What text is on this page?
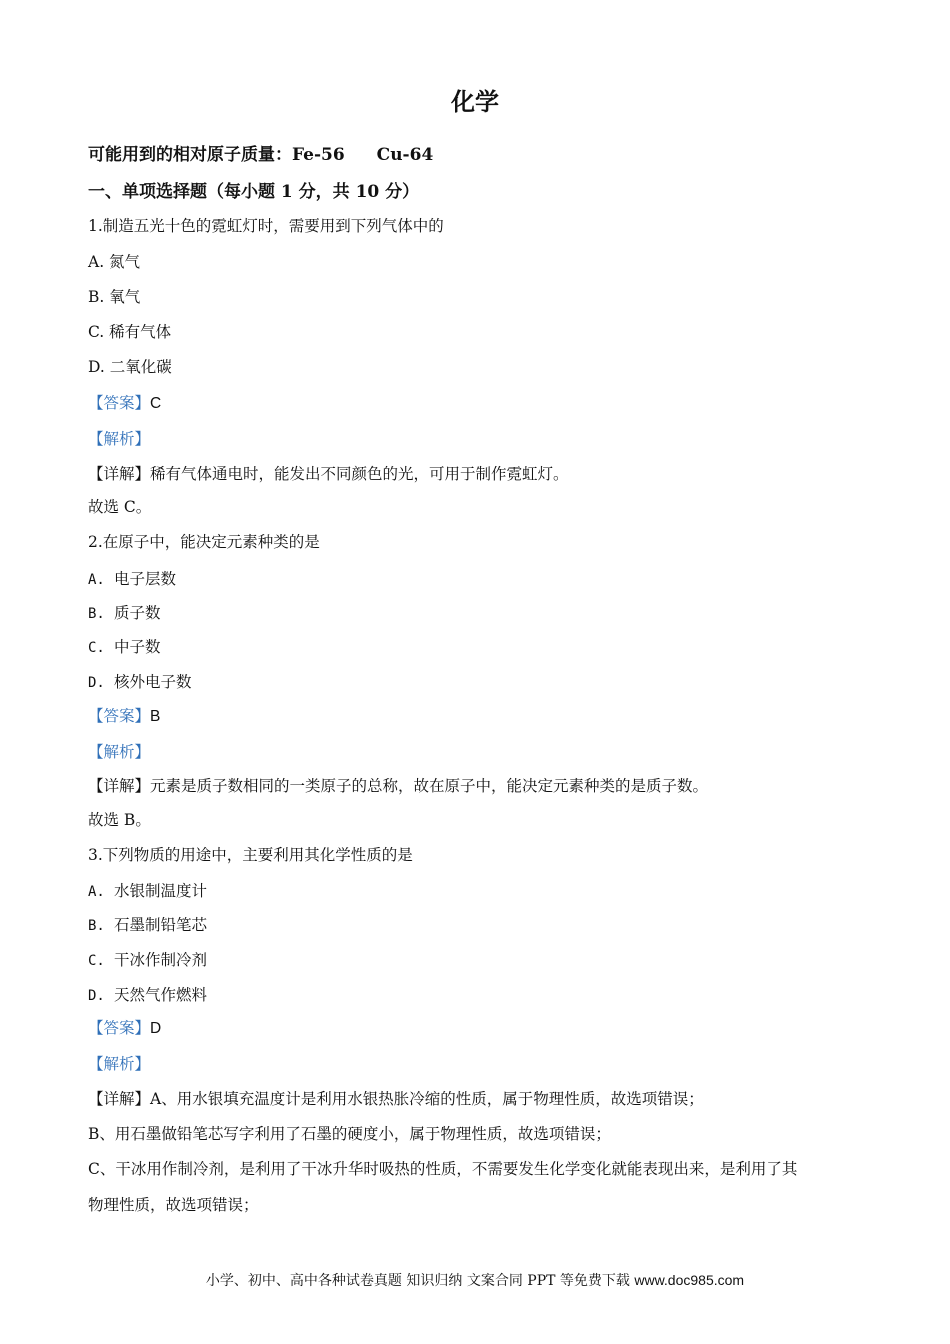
化学
可能用到的相对原子质量：Fe-56 Cu-64
一、单项选择题（每小题 1 分，共 10 分）
1.制造五光十色的霓虹灯时，需要用到下列气体中的
A. 氮气
B. 氧气
C. 稀有气体
D. 二氧化碳
【答案】C
【解析】
【详解】稀有气体通电时，能发出不同颜色的光，可用于制作霓虹灯。
故选 C。
2.在原子中，能决定元素种类的是
A. 电子层数
B. 质子数
C. 中子数
D. 核外电子数
【答案】B
【解析】
【详解】元素是质子数相同的一类原子的总称，故在原子中，能决定元素种类的是质子数。
故选 B。
3.下列物质的用途中，主要利用其化学性质的是
A. 水银制温度计
B. 石墨制铅笔芯
C. 干冰作制冷剂
D. 天然气作燃料
【答案】D
【解析】
【详解】A、用水银填充温度计是利用水银热胀冷缩的性质，属于物理性质，故选项错误；
B、用石墨做铅笔芯写字利用了石墨的硬度小，属于物理性质，故选项错误；
C、干冰用作制冷剂，是利用了干冰升华时吸热的性质，不需要发生化学变化就能表现出来，是利用了其
物理性质，故选项错误；
小学、初中、高中各种试卷真题 知识归纳 文案合同 PPT 等免费下载 www.doc985.com
